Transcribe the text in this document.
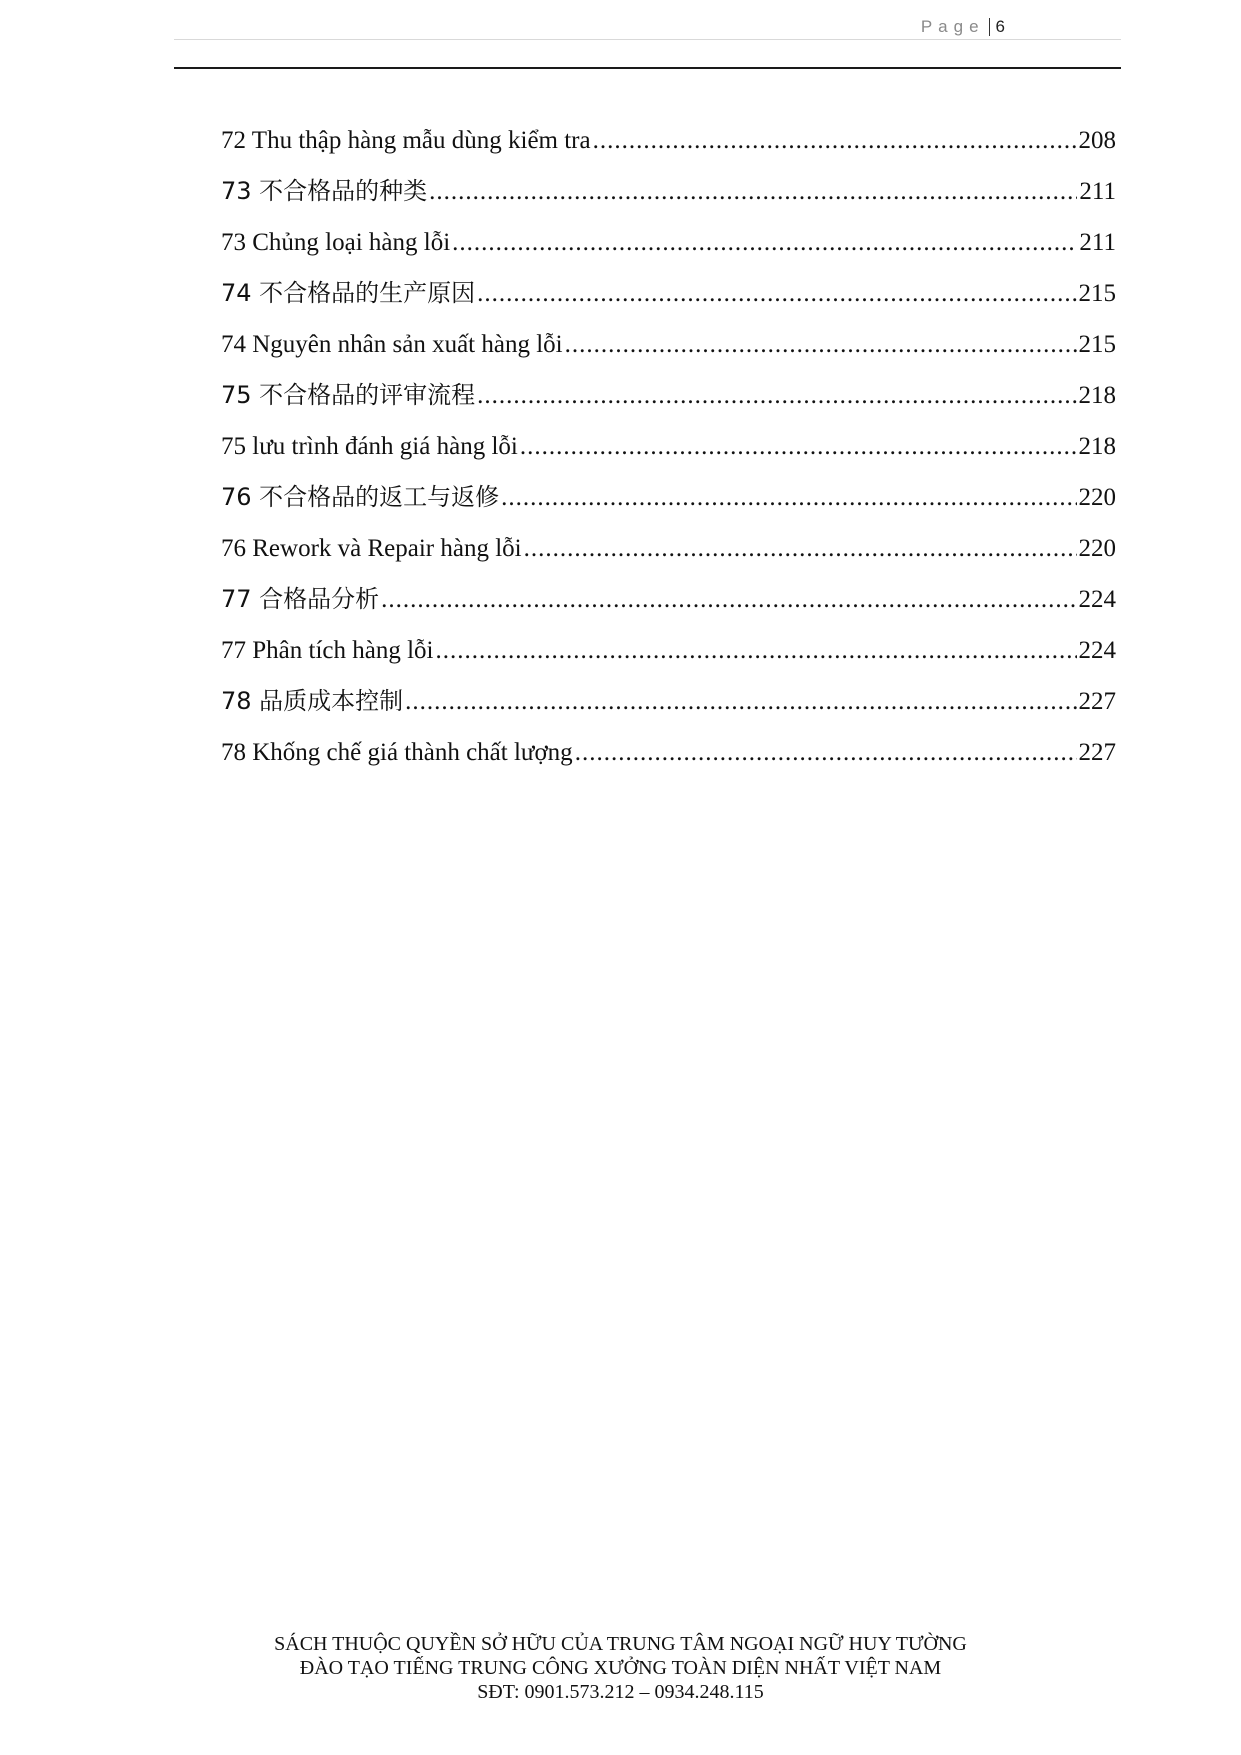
Page 6
72 Thu thập hàng mẫu dùng kiểm tra .....	208
73 不合格品的种类 .....	211
73 Chủng loại hàng lỗi .....	211
74 不合格品的生产原因 .....	215
74 Nguyên nhân sản xuất hàng lỗi .....	215
75 不合格品的评审流程 .....	218
75 lưu trình đánh giá hàng lỗi .....	218
76 不合格品的返工与返修 .....	220
76 Rework và Repair hàng lỗi .....	220
77 合格品分析 .....	224
77 Phân tích hàng lỗi .....	224
78 品质成本控制 .....	227
78 Khống chế giá thành chất lượng .....	227
SÁCH THUỘC QUYỀN SỞ HỮU CỦA TRUNG TÂM NGOẠI NGỮ HUY TƯỜNG
ĐÀO TẠO TIẾNG TRUNG CÔNG XƯỞNG TOÀN DIỆN NHẤT VIỆT NAM
SĐT: 0901.573.212 – 0934.248.115
